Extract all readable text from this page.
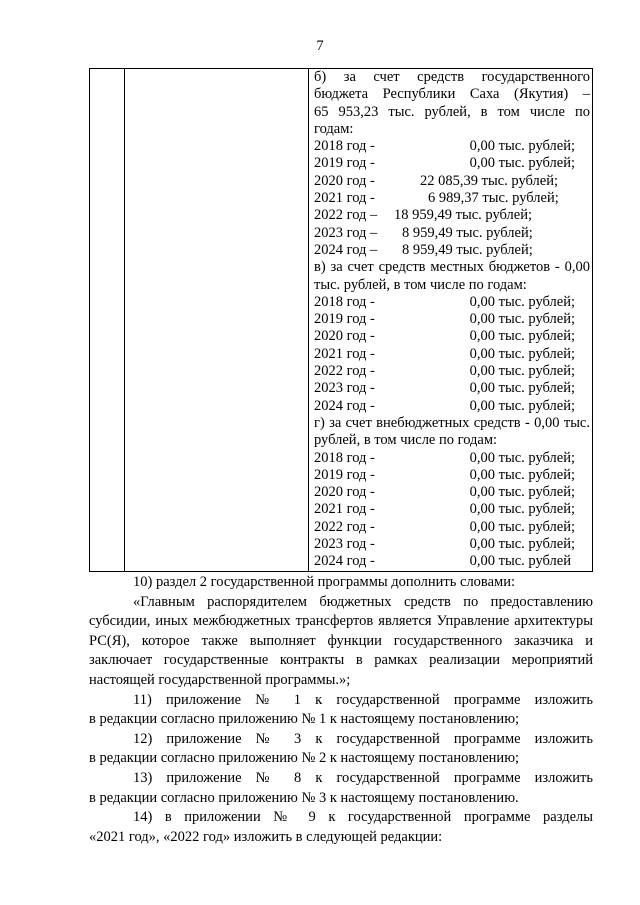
7
б) за счет средств государственного
бюджета Республики Саха (Якутия) –
65 953,23 тыс. рублей, в том числе по
годам:
2018 год -	0,00 тыс. рублей;
2019 год -	0,00 тыс. рублей;
2020 год -	22 085,39 тыс. рублей;
2021 год -	6 989,37 тыс. рублей;
2022 год – 18 959,49 тыс. рублей;
2023 год – 8 959,49 тыс. рублей;
2024 год – 8 959,49 тыс. рублей;
в) за счет средств местных бюджетов - 0,00
тыс. рублей, в том числе по годам:
2018 год -	0,00 тыс. рублей;
2019 год -	0,00 тыс. рублей;
2020 год -	0,00 тыс. рублей;
2021 год -	0,00 тыс. рублей;
2022 год -	0,00 тыс. рублей;
2023 год -	0,00 тыс. рублей;
2024 год -	0,00 тыс. рублей;
г) за счет внебюджетных средств - 0,00 тыс.
рублей, в том числе по годам:
2018 год -	0,00 тыс. рублей;
2019 год -	0,00 тыс. рублей;
2020 год -	0,00 тыс. рублей;
2021 год -	0,00 тыс. рублей;
2022 год -	0,00 тыс. рублей;
2023 год -	0,00 тыс. рублей;
2024 год -	0,00 тыс. рублей

10) раздел 2 государственной программы дополнить словами:

«Главным распорядителем бюджетных средств по предоставлению субсидии, иных межбюджетных трансфертов является Управление архитектуры РС(Я), которое также выполняет функции государственного заказчика и заключает государственные контракты в рамках реализации мероприятий настоящей государственной программы.»;

11) приложение № 1 к государственной программе изложить

в редакции согласно приложению № 1 к настоящему постановлению;

12) приложение № 3 к государственной программе изложить

в редакции согласно приложению № 2 к настоящему постановлению;

13) приложение № 8 к государственной программе изложить

в редакции согласно приложению № 3 к настоящему постановлению.

14) в приложении № 9 к государственной программе разделы

«2021 год», «2022 год» изложить в следующей редакции:
